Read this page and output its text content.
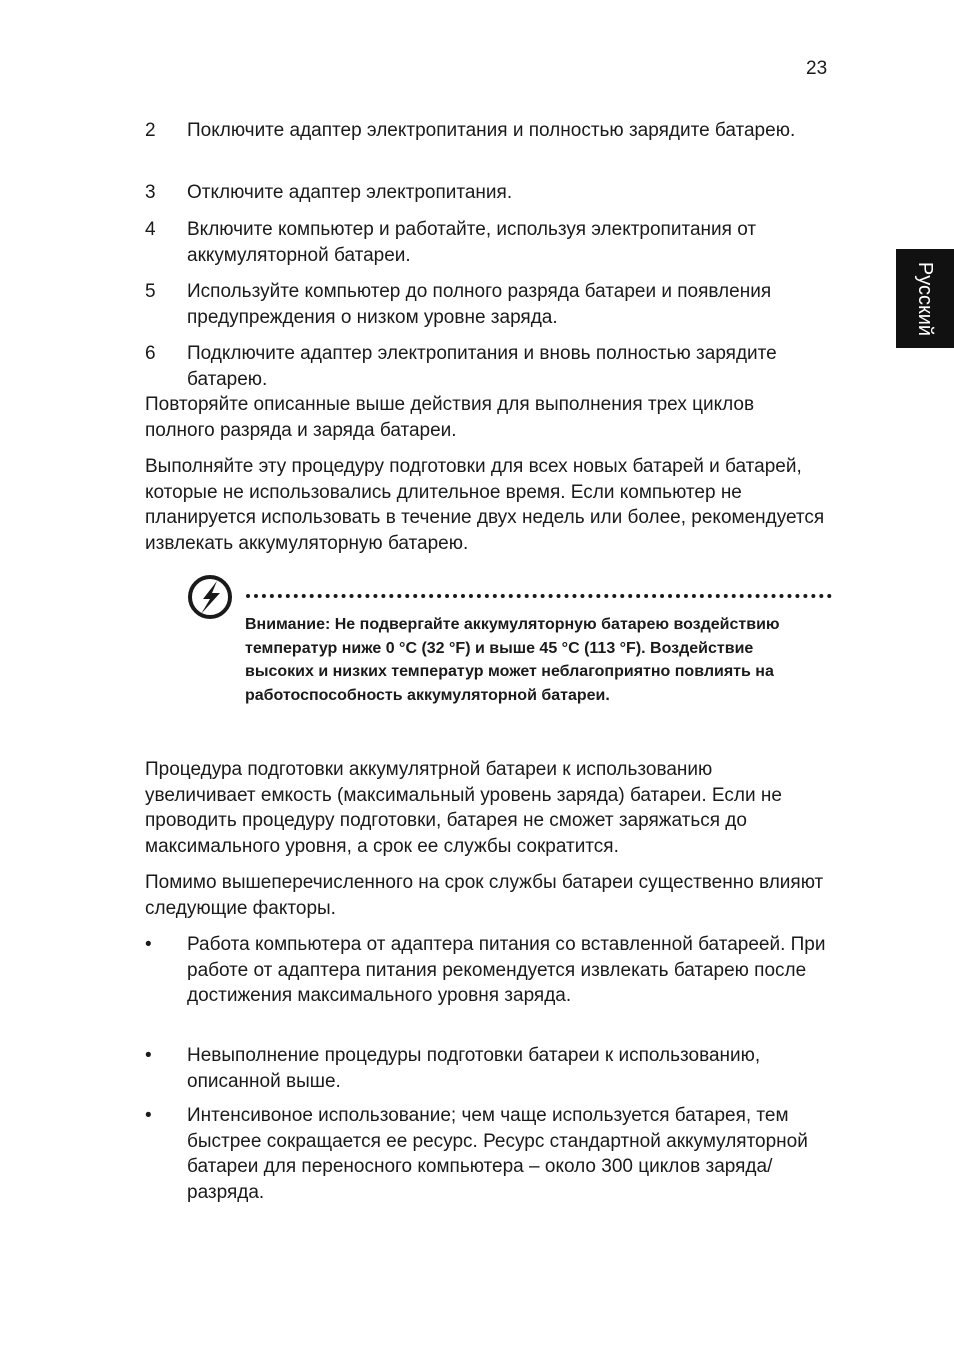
23
Русский
2	Поключите адаптер электропитания и полностью зарядите батарею.
3	Отключите адаптер электропитания.
4	Включите компьютер и работайте, используя электропитания от аккумуляторной батареи.
5	Используйте компьютер до полного разряда батареи и появления предупреждения о низком уровне заряда.
6	Подключите адаптер электропитания и вновь полностью зарядите батарею.
Повторяйте описанные выше действия для выполнения трех циклов полного разряда и заряда батареи.
Выполняйте эту процедуру подготовки для всех новых батарей и батарей, которые не использовались длительное время. Если компьютер не планируется использовать в течение двух недель или более, рекомендуется извлекать аккумуляторную батарею.
Внимание: Не подвергайте аккумуляторную батарею воздействию температур ниже 0 °C (32 °F) и выше 45 °C (113 °F). Воздействие высоких и низких температур может неблагоприятно повлиять на работоспособность аккумуляторной батареи.
Процедура подготовки аккумулятрной батареи к использованию увеличивает емкость (максимальный уровень заряда) батареи. Если не проводить процедуру подготовки, батарея не сможет заряжаться до максимального уровня, а срок ее службы сократится.
Помимо вышеперечисленного на срок службы батареи существенно влияют следующие факторы.
•	Работа компьютера от адаптера питания со вставленной батареей. При работе от адаптера питания рекомендуется извлекать батарею после достижения максимального уровня заряда.
•	Невыполнение процедуры подготовки батареи к использованию, описанной выше.
•	Интенсивоное использование; чем чаще используется батарея, тем быстрее сокращается ее ресурс. Ресурс стандартной аккумуляторной батареи для переносного компьютера – около 300 циклов заряда/разряда.
